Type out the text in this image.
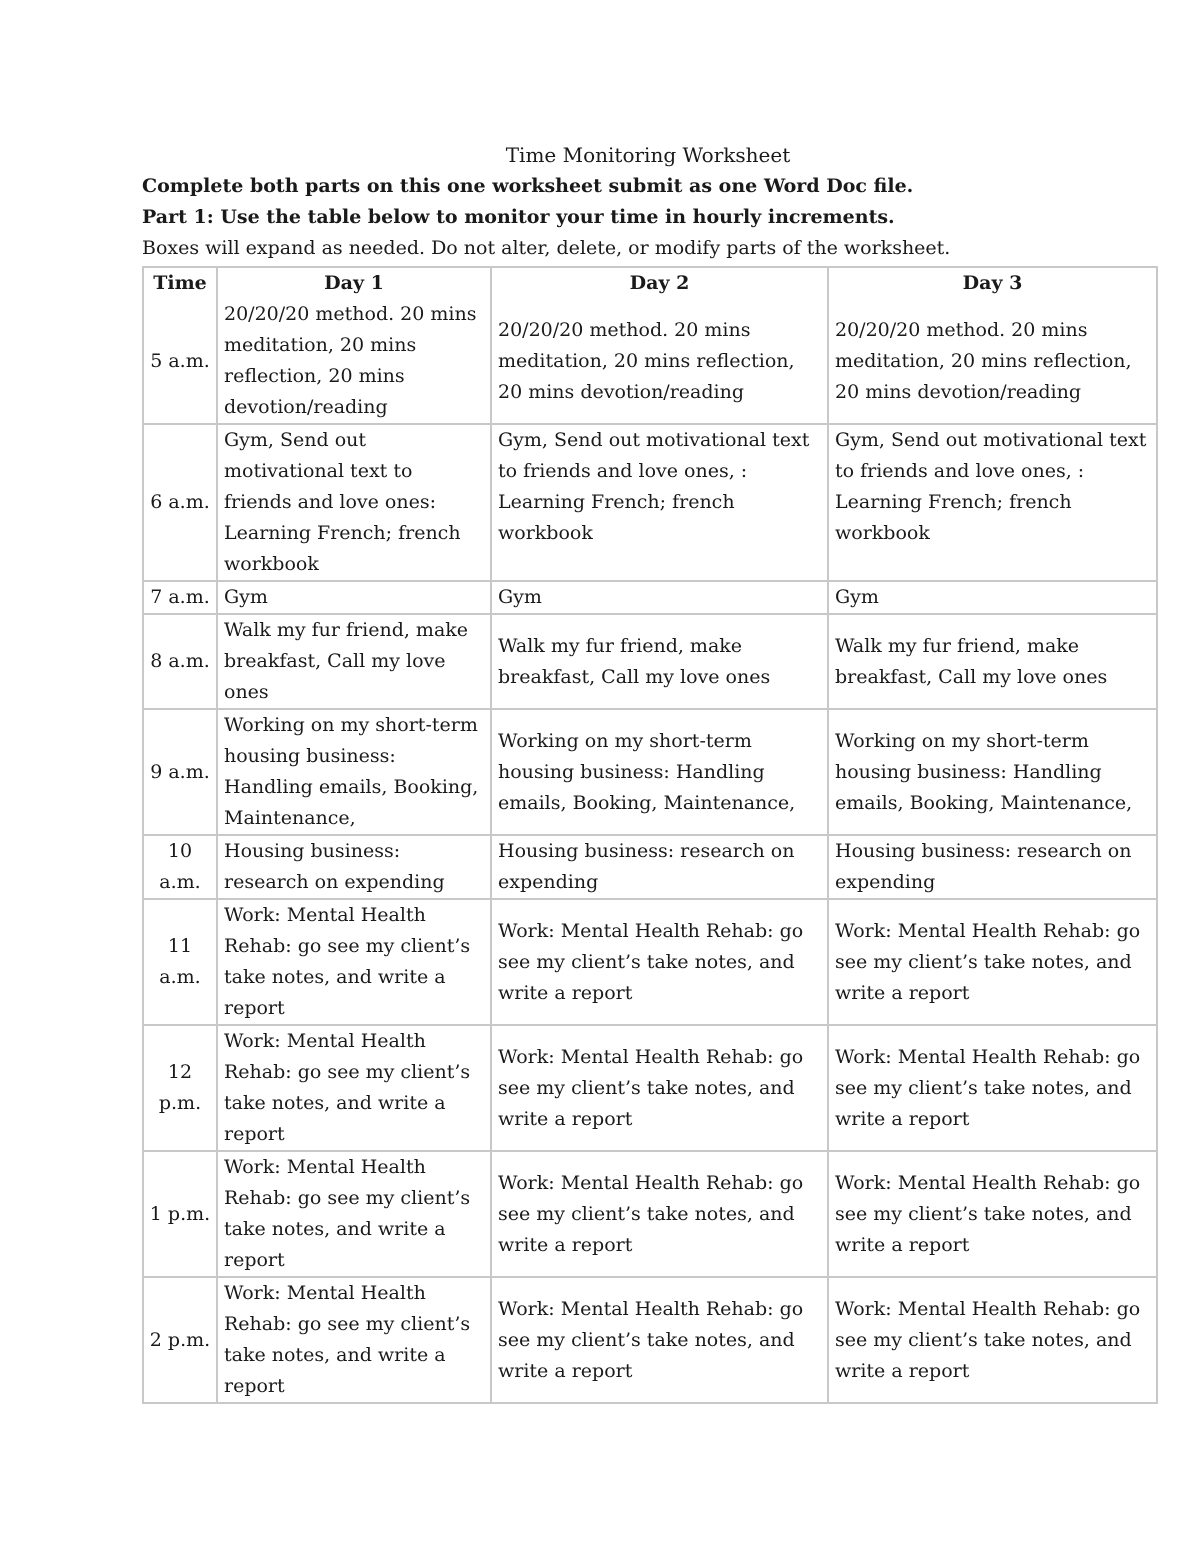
Time Monitoring Worksheet

Complete both parts on this one worksheet submit as one Word Doc file.

Part 1: Use the table below to monitor your time in hourly increments.

Boxes will expand as needed. Do not alter, delete, or modify parts of the worksheet.

Time	Day 1	Day 2	Day 3
5 a.m.	20/20/20 method. 20 mins meditation, 20 mins reflection, 20 mins devotion/reading	20/20/20 method. 20 mins meditation, 20 mins reflection, 20 mins devotion/reading	20/20/20 method. 20 mins meditation, 20 mins reflection, 20 mins devotion/reading
6 a.m.	Gym, Send out motivational text to friends and love ones: Learning French; french workbook	Gym, Send out motivational text to friends and love ones, : Learning French; french workbook	Gym, Send out motivational text to friends and love ones, : Learning French; french workbook
7 a.m.	Gym	Gym	Gym
8 a.m.	Walk my fur friend, make breakfast, Call my love ones	Walk my fur friend, make breakfast, Call my love ones	Walk my fur friend, make breakfast, Call my love ones
9 a.m.	Working on my short-term housing business: Handling emails, Booking, Maintenance,	Working on my short-term housing business: Handling emails, Booking, Maintenance,	Working on my short-term housing business: Handling emails, Booking, Maintenance,
10 a.m.	Housing business: research on expending	Housing business: research on expending	Housing business: research on expending
11 a.m.	Work: Mental Health Rehab: go see my client’s take notes, and write a report	Work: Mental Health Rehab: go see my client’s take notes, and write a report	Work: Mental Health Rehab: go see my client’s take notes, and write a report
12 p.m.	Work: Mental Health Rehab: go see my client’s take notes, and write a report	Work: Mental Health Rehab: go see my client’s take notes, and write a report	Work: Mental Health Rehab: go see my client’s take notes, and write a report
1 p.m.	Work: Mental Health Rehab: go see my client’s take notes, and write a report	Work: Mental Health Rehab: go see my client’s take notes, and write a report	Work: Mental Health Rehab: go see my client’s take notes, and write a report
2 p.m.	Work: Mental Health Rehab: go see my client’s take notes, and write a report	Work: Mental Health Rehab: go see my client’s take notes, and write a report	Work: Mental Health Rehab: go see my client’s take notes, and write a report
